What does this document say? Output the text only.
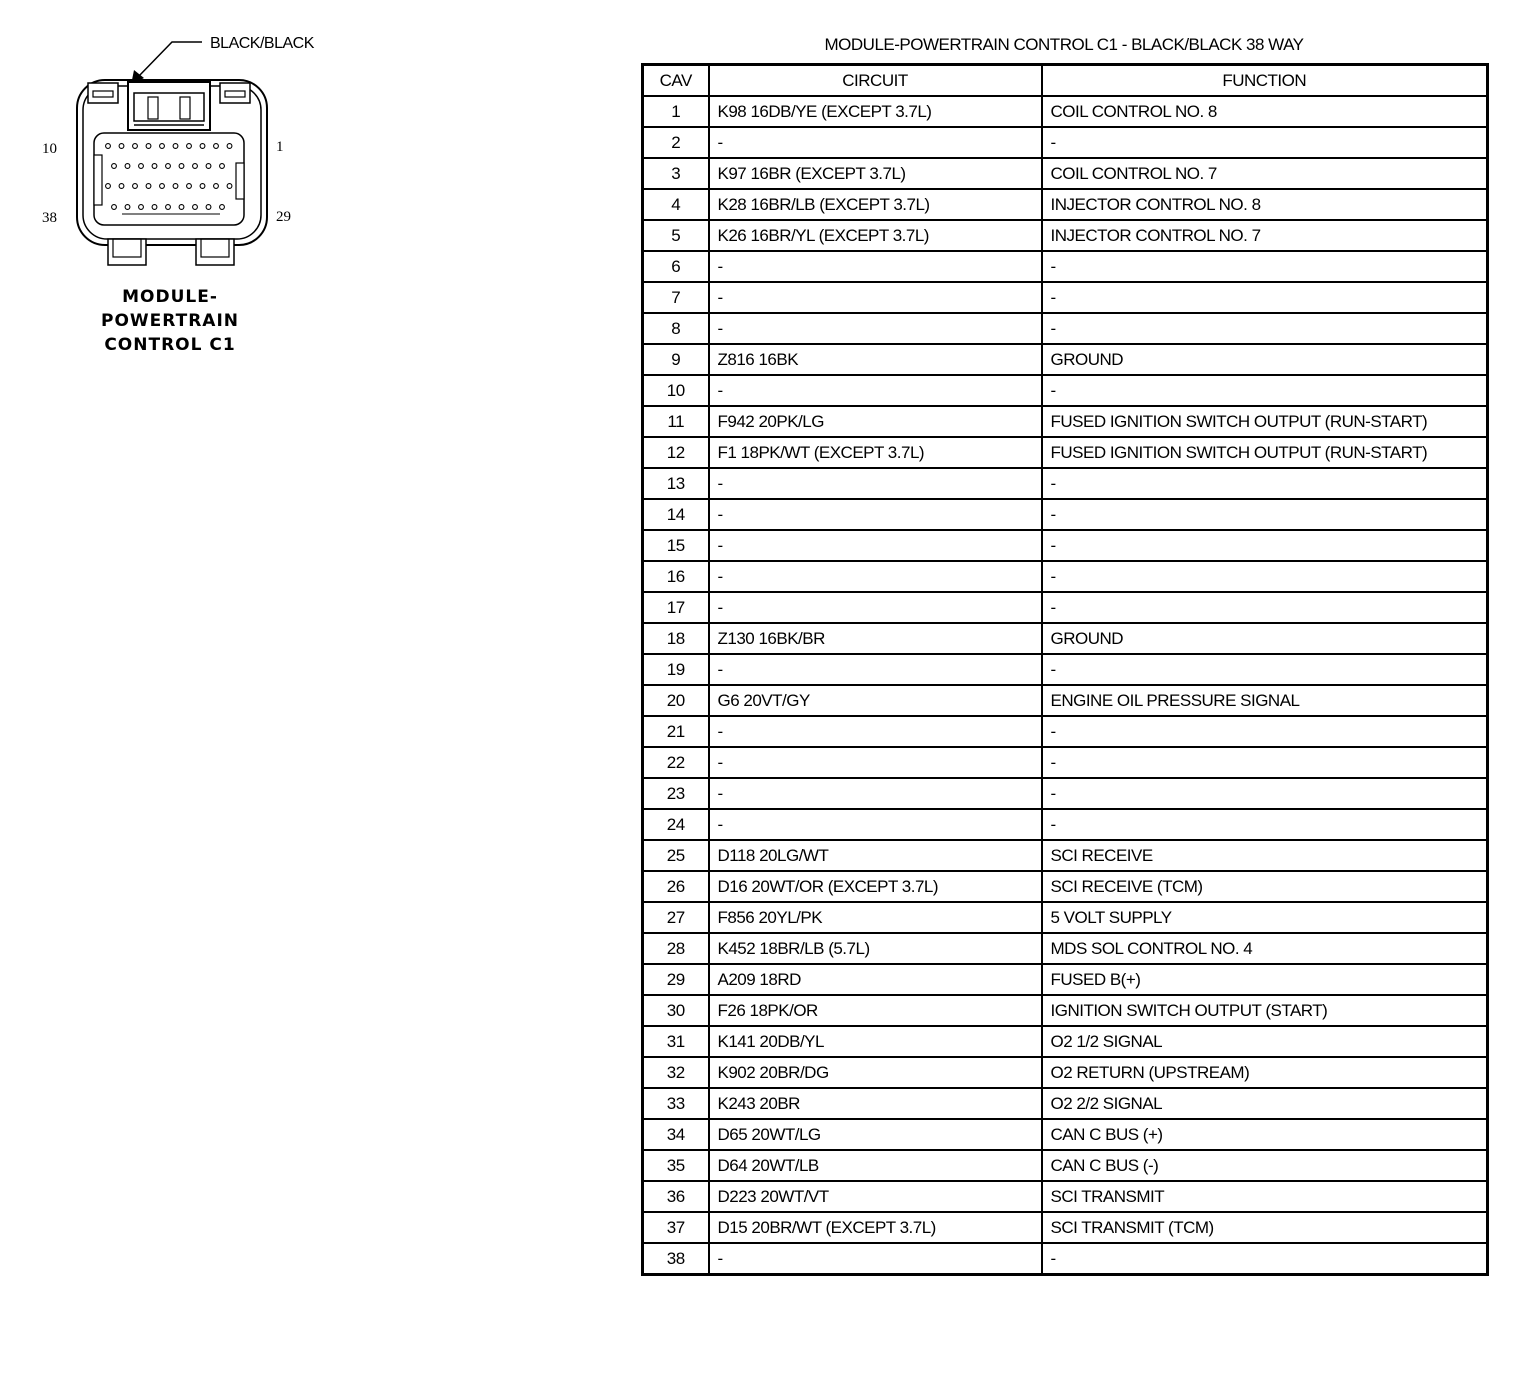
BLACK/BLACK
10	1
38	29
MODULE-
POWERTRAIN
CONTROL C1
MODULE-POWERTRAIN CONTROL C1 - BLACK/BLACK 38 WAY
CAV	CIRCUIT	FUNCTION
1	K98 16DB/YE (EXCEPT 3.7L)	COIL CONTROL NO. 8
2	-	-
3	K97 16BR (EXCEPT 3.7L)	COIL CONTROL NO. 7
4	K28 16BR/LB (EXCEPT 3.7L)	INJECTOR CONTROL NO. 8
5	K26 16BR/YL (EXCEPT 3.7L)	INJECTOR CONTROL NO. 7
6	-	-
7	-	-
8	-	-
9	Z816 16BK	GROUND
10	-	-
11	F942 20PK/LG	FUSED IGNITION SWITCH OUTPUT (RUN-START)
12	F1 18PK/WT (EXCEPT 3.7L)	FUSED IGNITION SWITCH OUTPUT (RUN-START)
13	-	-
14	-	-
15	-	-
16	-	-
17	-	-
18	Z130 16BK/BR	GROUND
19	-	-
20	G6 20VT/GY	ENGINE OIL PRESSURE SIGNAL
21	-	-
22	-	-
23	-	-
24	-	-
25	D118 20LG/WT	SCI RECEIVE
26	D16 20WT/OR (EXCEPT 3.7L)	SCI RECEIVE (TCM)
27	F856 20YL/PK	5 VOLT SUPPLY
28	K452 18BR/LB (5.7L)	MDS SOL CONTROL NO. 4
29	A209 18RD	FUSED B(+)
30	F26 18PK/OR	IGNITION SWITCH OUTPUT (START)
31	K141 20DB/YL	O2 1/2 SIGNAL
32	K902 20BR/DG	O2 RETURN (UPSTREAM)
33	K243 20BR	O2 2/2 SIGNAL
34	D65 20WT/LG	CAN C BUS (+)
35	D64 20WT/LB	CAN C BUS (-)
36	D223 20WT/VT	SCI TRANSMIT
37	D15 20BR/WT (EXCEPT 3.7L)	SCI TRANSMIT (TCM)
38	-	-
